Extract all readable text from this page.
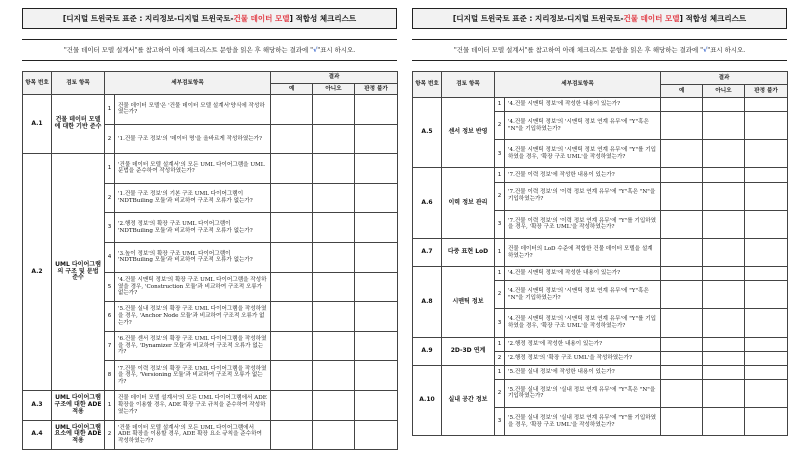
[디지털 트윈국토 표준 : 지리정보-디지털 트윈국토-건물 데이터 모델] 적합성 체크리스트
"건물 데이터 모델 설계서"를 참고하여 아래 체크리스트 문항을 읽은 후 해당하는 결과에 "√"표시 하시오.
항목 번호	검토 항목	세부검토항목		결과		
				예	아니오	판정 불가
A.1	건물 데이터 모델에 대한 기반 준수	1	건물 데이터 모델'은 '건물 데이터 모델 설계서'양식에 작성하였는가?			
		2	'1.건물 구조 정보'의 '데이터 명'을 올바르게 작성하였는가?			
A.2	UML 다이어그램의 구조 및 문법 준수	1	'건물 데이터 모델 설계서'의 모든 UML 다이어그램을 UML 문법을 준수하여 작성하였는가?			
		2	'1.건물 구조 정보'의 기본 구조 UML 다이어그램이 'NDTBuiling 모듈'과 비교하여 구조적 오류가 없는가?			
		3	'2.행정 정보'의 확장 구조 UML 다이어그램이 'NDTBuiling 모듈'과 비교하여 구조적 오류가 없는가?			
		4	'3.높이 정보'의 확장 구조 UML 다이어그램이 'NDTBuiling 모듈'과 비교하여 구조적 오류가 없는가?			
		5	'4.건물 시맨틱 정보'의 확장 구조 UML 다이어그램을 작성하였을 경우, 'Construction 모듈'과 비교하여 구조적 오류가 없는가?			
		6	'5.건물 실내 정보'의 확장 구조 UML 다이어그램을 작성하였을 경우, 'Anchor Node 모듈'과 비교하여 구조적 오류가 없는가?			
		7	'6.건물 센서 정보'의 확장 구조 UML 다이어그램을 작성하였을 경우, 'Dynamizer 모듈'과 비교하여 구조적 오류가 없는가?			
		8	'7.건물 이력 정보'의 확장 구조 UML 다이어그램을 작성하였을 경우, 'Versioning 모듈'과 비교하여 구조적 오류가 없는가?			
A.3	UML 다이어그램 구조에 대한 ADE 적용	1	건물 데이터 모델 설계서'의 모든 UML 다이어그램에서 ADE 확장을 이용할 경우, ADE 확장 구조 규칙을 준수하여 작성하였는가?			
A.4	UML 다이어그램 요소에 대한 ADE 적용	2	'건물 데이터 모델 설계서'의 모든 UML 다이어그램에서 ADE 확장을 이용할 경우, ADE 확장 요소 규칙을 준수하여 작성하였는가?			
[디지털 트윈국토 표준 : 지리정보-디지털 트윈국토-건물 데이터 모델] 적합성 체크리스트
"건물 데이터 모델 설계서"를 참고하여 아래 체크리스트 문항을 읽은 후 해당하는 결과에 "√"표시 하시오.
항목 번호	검토 항목	세부검토항목		결과		
				예	아니오	판정 불가
A.5	센서 정보 반영	1	'4.건물 시맨틱 정보'에 작성한 내용이 있는가?			
		2	'4.건물 시맨틱 정보'의 '시맨틱 정보 연계 유무'에 "Y"혹은 "N"을 기입하였는가?			
		3	'4.건물 시맨틱 정보'의 '시맨틱 정보 연계 유무'에 "Y"를 기입하였을 경우, '확장 구조 UML'을 작성하였는가?			
A.6	이력 정보 관리	1	'7.건물 이력 정보'에 작성한 내용이 있는가?			
		2	'7.건물 이력 정보'의 '이력 정보 연계 유무'에 "Y"혹은 "N"을 기입하였는가?			
		3	'7.건물 이력 정보'의 '이력 정보 연계 유무'에 "Y"를 기입하였을 경우, '확장 구조 UML'을 작성하였는가?			
A.7	다중 표현 LoD	1	건물 데이터의 LoD 수준에 적합한 건물 데이터 모델을 설계하였는가?			
A.8	시맨틱 정보	1	'4.건물 시맨틱 정보'에 작성한 내용이 있는가?			
		2	'4.건물 시맨틱 정보'의 '시맨틱 정보 연계 유무'에 "Y"혹은 "N"을 기입하였는가?			
		3	'4.건물 시맨틱 정보'의 '시맨틱 정보 연계 유무'에 "Y"를 기입하였을 경우, '확장 구조 UML'을 작성하였는가?			
A.9	2D-3D 연계	1	'2.행정 정보'에 작성한 내용이 있는가?			
		2	'2.행정 정보'의 '확장 구조 UML'을 작성하였는가?			
A.10	실내 공간 정보	1	'5.건물 실내 정보'에 작성한 내용이 있는가?			
		2	'5.건물 실내 정보'의 '실내 정보 연계 유무'에 "Y"혹은 "N"을 기입하였는가?			
		3	'5.건물 실내 정보'의 '실내 정보 연계 유무'에 "Y"를 기입하였을 경우, '확장 구조 UML'을 작성하였는가?			
